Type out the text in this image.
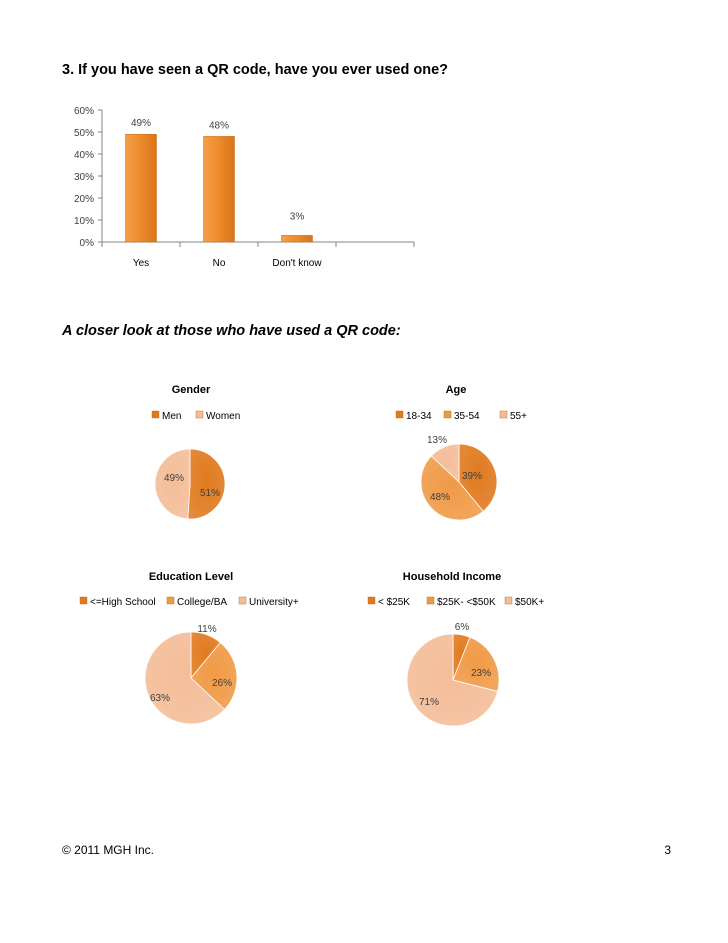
3. If you have seen a QR code, have you ever used one?
0%
10%
20%
30%
40%
50%
60%
49%
Yes
48%
No
3%
Don't know
A closer look at those who have used a QR code:
Gender
Men Women
51%
49%
Age
18-34 35-54	55+
39%
48%
13%
Education Level
<=High School College/BA University+
11%
26%
63%
Household Income
< $25K	$25K- <$50K $50K+
6%
23%
71%
© 2011 MGH Inc.	3
